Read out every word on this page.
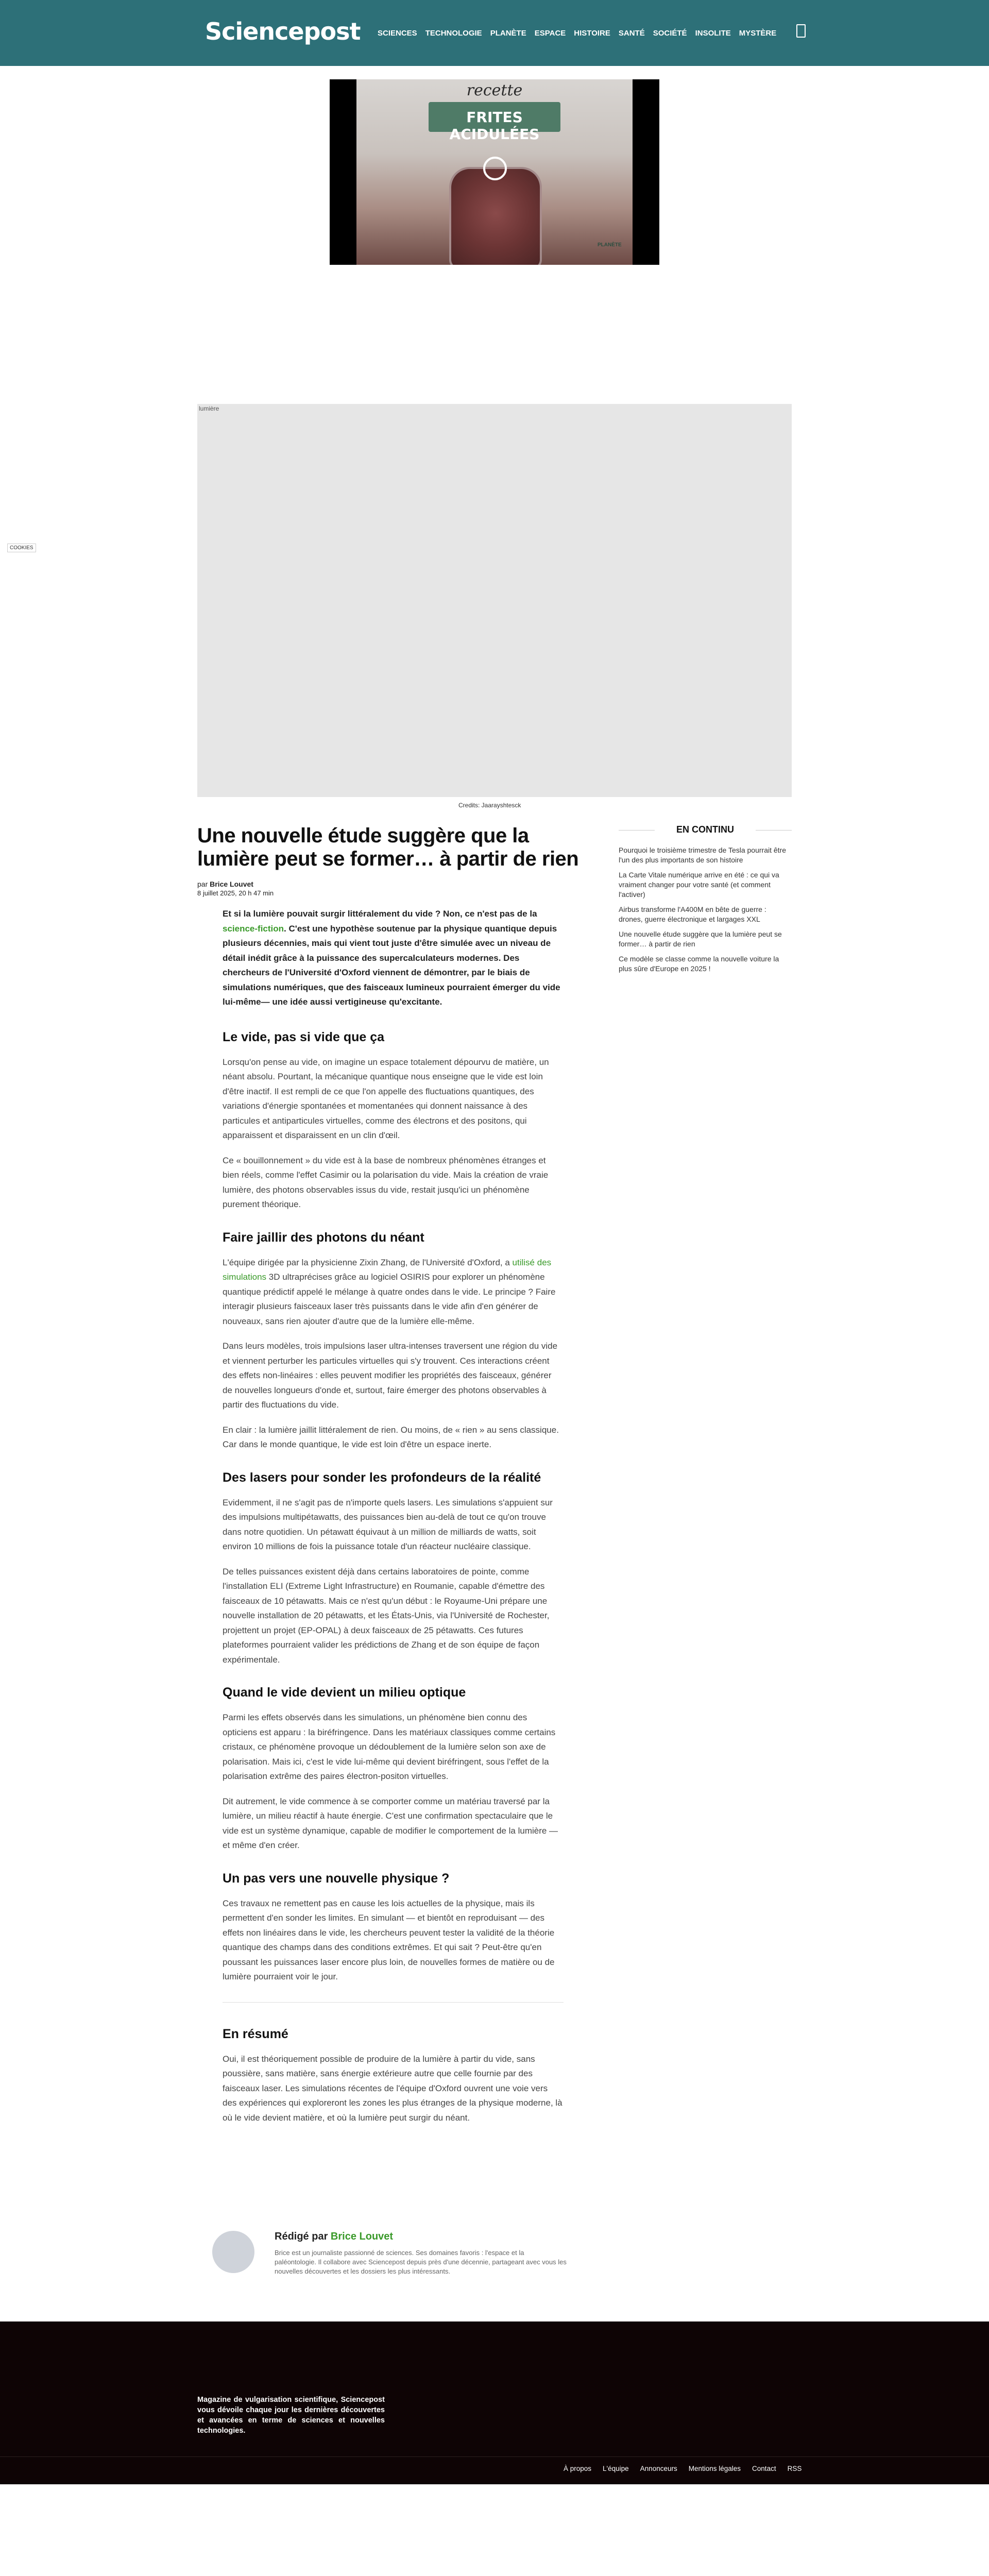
Sciencepost SCIENCES TECHNOLOGIE PLANÈTE ESPACE HISTOIRE SANTÉ SOCIÉTÉ INSOLITE MYSTÈRE
recette
FRITES ACIDULÉES
PLANÈTE
COOKIES
lumière
Credits: Jaarayshtesck
Une nouvelle étude suggère que la lumière peut se former… à partir de rien
par Brice Louvet
8 juillet 2025, 20 h 47 min

Et si la lumière pouvait surgir littéralement du vide ? Non, ce n'est pas de la science-fiction. C'est une hypothèse soutenue par la physique quantique depuis plusieurs décennies, mais qui vient tout juste d'être simulée avec un niveau de détail inédit grâce à la puissance des supercalculateurs modernes. Des chercheurs de l'Université d'Oxford viennent de démontrer, par le biais de simulations numériques, que des faisceaux lumineux pourraient émerger du vide lui-même— une idée aussi vertigineuse qu'excitante.

Le vide, pas si vide que ça

Lorsqu'on pense au vide, on imagine un espace totalement dépourvu de matière, un néant absolu. Pourtant, la mécanique quantique nous enseigne que le vide est loin d'être inactif. Il est rempli de ce que l'on appelle des fluctuations quantiques, des variations d'énergie spontanées et momentanées qui donnent naissance à des particules et antiparticules virtuelles, comme des électrons et des positons, qui apparaissent et disparaissent en un clin d'œil.

Ce « bouillonnement » du vide est à la base de nombreux phénomènes étranges et bien réels, comme l'effet Casimir ou la polarisation du vide. Mais la création de vraie lumière, des photons observables issus du vide, restait jusqu'ici un phénomène purement théorique.

Faire jaillir des photons du néant

L'équipe dirigée par la physicienne Zixin Zhang, de l'Université d'Oxford, a utilisé des simulations 3D ultraprécises grâce au logiciel OSIRIS pour explorer un phénomène quantique prédictif appelé le mélange à quatre ondes dans le vide. Le principe ? Faire interagir plusieurs faisceaux laser très puissants dans le vide afin d'en générer de nouveaux, sans rien ajouter d'autre que de la lumière elle-même.

Dans leurs modèles, trois impulsions laser ultra-intenses traversent une région du vide et viennent perturber les particules virtuelles qui s'y trouvent. Ces interactions créent des effets non-linéaires : elles peuvent modifier les propriétés des faisceaux, générer de nouvelles longueurs d'onde et, surtout, faire émerger des photons observables à partir des fluctuations du vide.

En clair : la lumière jaillit littéralement de rien. Ou moins, de « rien » au sens classique. Car dans le monde quantique, le vide est loin d'être un espace inerte.

Des lasers pour sonder les profondeurs de la réalité

Evidemment, il ne s'agit pas de n'importe quels lasers. Les simulations s'appuient sur des impulsions multipétawatts, des puissances bien au-delà de tout ce qu'on trouve dans notre quotidien. Un pétawatt équivaut à un million de milliards de watts, soit environ 10 millions de fois la puissance totale d'un réacteur nucléaire classique.

De telles puissances existent déjà dans certains laboratoires de pointe, comme l'installation ELI (Extreme Light Infrastructure) en Roumanie, capable d'émettre des faisceaux de 10 pétawatts. Mais ce n'est qu'un début : le Royaume-Uni prépare une nouvelle installation de 20 pétawatts, et les États-Unis, via l'Université de Rochester, projettent un projet (EP-OPAL) à deux faisceaux de 25 pétawatts. Ces futures plateformes pourraient valider les prédictions de Zhang et de son équipe de façon expérimentale.

Quand le vide devient un milieu optique

Parmi les effets observés dans les simulations, un phénomène bien connu des opticiens est apparu : la biréfringence. Dans les matériaux classiques comme certains cristaux, ce phénomène provoque un dédoublement de la lumière selon son axe de polarisation. Mais ici, c'est le vide lui-même qui devient biréfringent, sous l'effet de la polarisation extrême des paires électron-positon virtuelles.

Dit autrement, le vide commence à se comporter comme un matériau traversé par la lumière, un milieu réactif à haute énergie. C'est une confirmation spectaculaire que le vide est un système dynamique, capable de modifier le comportement de la lumière — et même d'en créer.

Un pas vers une nouvelle physique ?

Ces travaux ne remettent pas en cause les lois actuelles de la physique, mais ils permettent d'en sonder les limites. En simulant — et bientôt en reproduisant — des effets non linéaires dans le vide, les chercheurs peuvent tester la validité de la théorie quantique des champs dans des conditions extrêmes. Et qui sait ? Peut-être qu'en poussant les puissances laser encore plus loin, de nouvelles formes de matière ou de lumière pourraient voir le jour.

En résumé

Oui, il est théoriquement possible de produire de la lumière à partir du vide, sans poussière, sans matière, sans énergie extérieure autre que celle fournie par des faisceaux laser. Les simulations récentes de l'équipe d'Oxford ouvrent une voie vers des expériences qui exploreront les zones les plus étranges de la physique moderne, là où le vide devient matière, et où la lumière peut surgir du néant.

Rédigé par Brice Louvet
Brice est un journaliste passionné de sciences. Ses domaines favoris : l'espace et la paléontologie. Il collabore avec Sciencepost depuis près d'une décennie, partageant avec vous les nouvelles découvertes et les dossiers les plus intéressants.
EN CONTINU
Pourquoi le troisième trimestre de Tesla pourrait être l'un des plus importants de son histoire
La Carte Vitale numérique arrive en été : ce qui va vraiment changer pour votre santé (et comment l'activer)
Airbus transforme l'A400M en bête de guerre : drones, guerre électronique et largages XXL
Une nouvelle étude suggère que la lumière peut se former… à partir de rien
Ce modèle se classe comme la nouvelle voiture la plus sûre d'Europe en 2025 !
Magazine de vulgarisation scientifique, Sciencepost vous dévoile chaque jour les dernières découvertes et avancées en terme de sciences et nouvelles technologies.
À propos L'équipe Annonceurs Mentions légales Contact RSS
